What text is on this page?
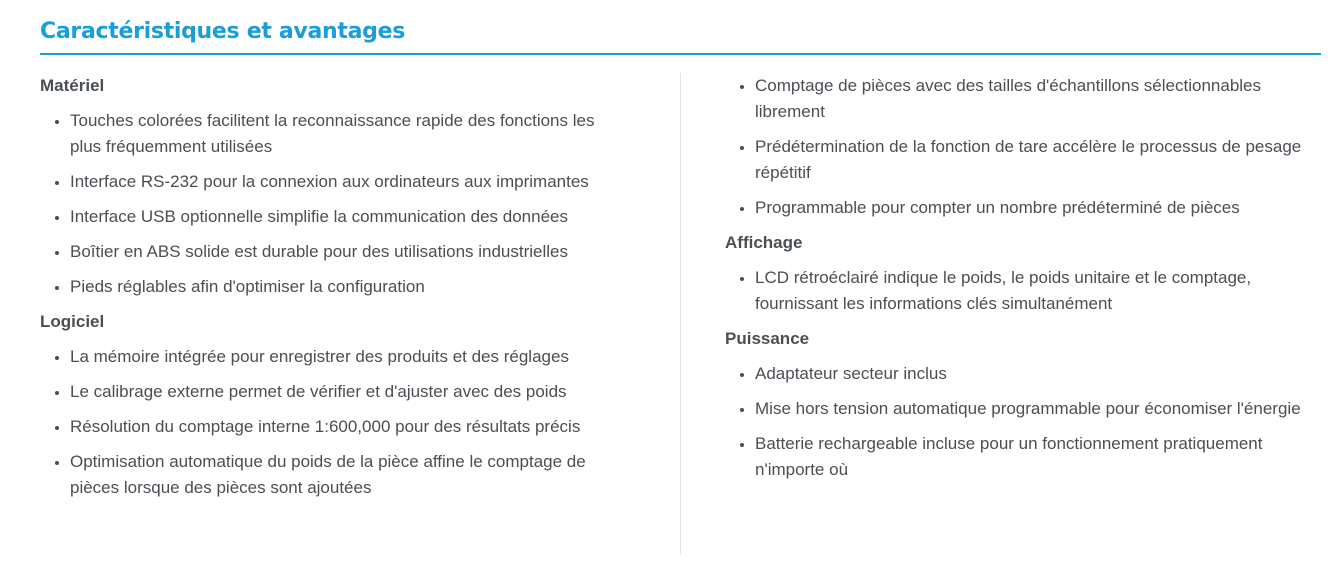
Caractéristiques et avantages
Matériel
• Touches colorées facilitent la reconnaissance rapide des fonctions les plus fréquemment utilisées
• Interface RS-232 pour la connexion aux ordinateurs aux imprimantes
• Interface USB optionnelle simplifie la communication des données
• Boîtier en ABS solide est durable pour des utilisations industrielles
• Pieds réglables afin d'optimiser la configuration
Logiciel
• La mémoire intégrée pour enregistrer des produits et des réglages
• Le calibrage externe permet de vérifier et d'ajuster avec des poids
• Résolution du comptage interne 1:600,000 pour des résultats précis
• Optimisation automatique du poids de la pièce affine le comptage de pièces lorsque des pièces sont ajoutées
• Comptage de pièces avec des tailles d'échantillons sélectionnables librement
• Prédétermination de la fonction de tare accélère le processus de pesage répétitif
• Programmable pour compter un nombre prédéterminé de pièces
Affichage
• LCD rétroéclairé indique le poids, le poids unitaire et le comptage, fournissant les informations clés simultanément
Puissance
• Adaptateur secteur inclus
• Mise hors tension automatique programmable pour économiser l'énergie
• Batterie rechargeable incluse pour un fonctionnement pratiquement n'importe où
